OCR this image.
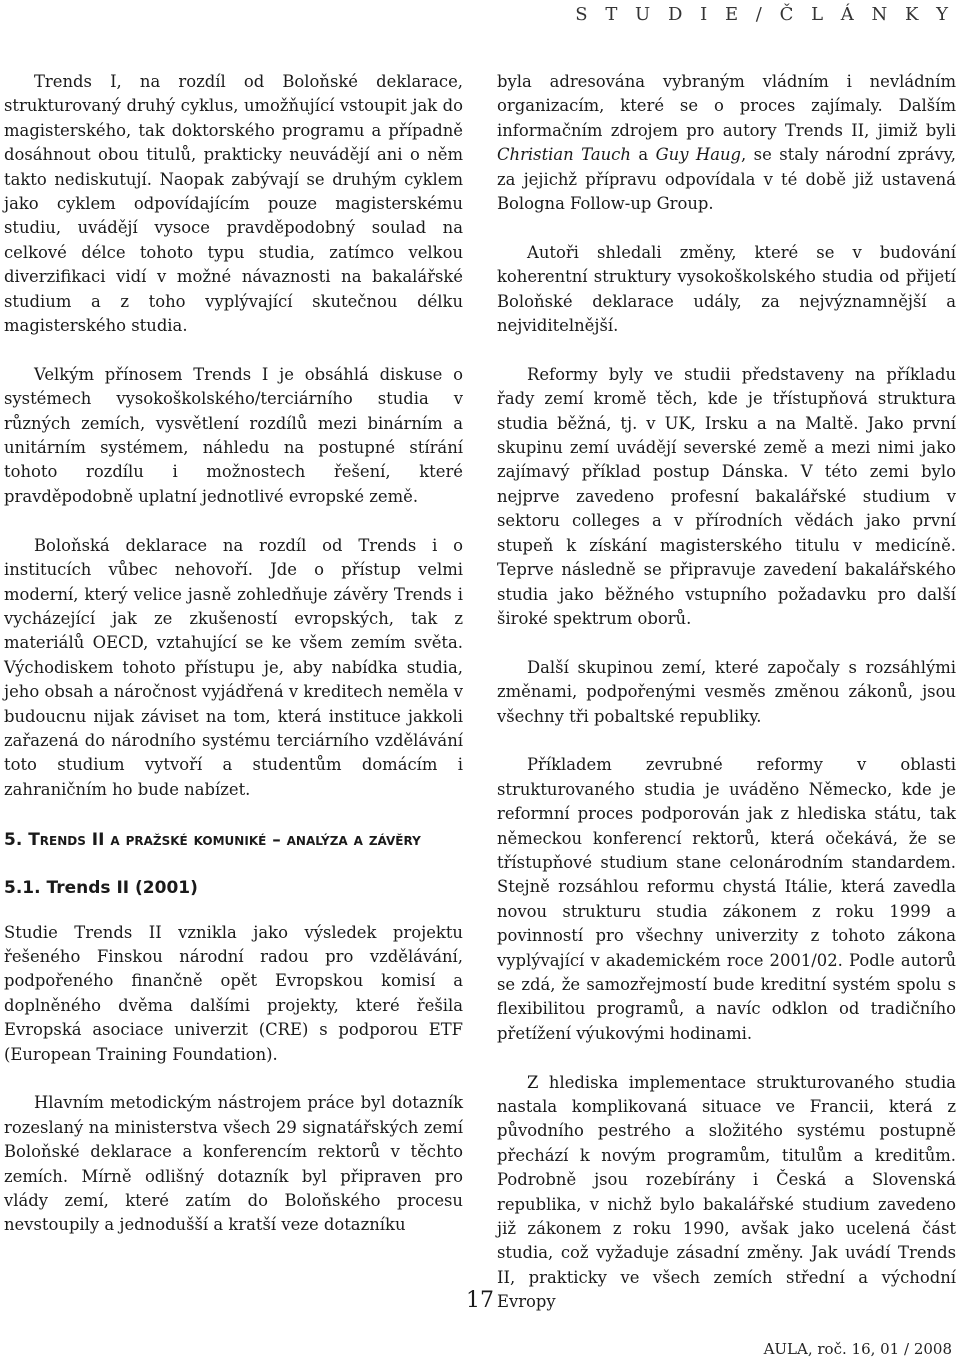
S T U D I E / Č L Á N K Y

Trends I, na rozdíl od Boloňské deklarace, strukturovaný druhý cyklus, umožňující vstoupit jak do magisterského, tak doktorského programu a případně dosáhnout obou titulů, prakticky neuvádějí ani o něm takto nediskutují. Naopak zabývají se druhým cyklem jako cyklem odpovídajícím pouze magisterskému studiu, uvádějí vysoce pravděpodobný soulad na celkové délce tohoto typu studia, zatímco velkou diverzifikaci vidí v možné návaznosti na bakalářské studium a z toho vyplývající skutečnou délku magisterského studia.

Velkým přínosem Trends I je obsáhlá diskuse o systémech vysokoškolského/terciárního studia v různých zemích, vysvětlení rozdílů mezi binárním a unitárním systémem, náhledu na postupné stírání tohoto rozdílu i možnostech řešení, které pravděpodobně uplatní jednotlivé evropské země.

Boloňská deklarace na rozdíl od Trends i o institucích vůbec nehovoří. Jde o přístup velmi moderní, který velice jasně zohledňuje závěry Trends i vycházející jak ze zkušeností evropských, tak z materiálů OECD, vztahující se ke všem zemím světa. Východiskem tohoto přístupu je, aby nabídka studia, jeho obsah a náročnost vyjádřená v kreditech neměla v budoucnu nijak záviset na tom, která instituce jakkoli zařazená do národního systému terciárního vzdělávání toto studium vytvoří a studentům domácím i zahraničním ho bude nabízet.

5. Trends II a pražské komuniké – analýza a závěry
5.1. Trends II (2001)

Studie Trends II vznikla jako výsledek projektu řešeného Finskou národní radou pro vzdělávání, podpořeného finančně opět Evropskou komisí a doplněného dvěma dalšími projekty, které řešila Evropská asociace univerzit (CRE) s podporou ETF (European Training Foundation).

Hlavním metodickým nástrojem práce byl dotazník rozeslaný na ministerstva všech 29 signatářských zemí Boloňské deklarace a konferencím rektorů v těchto zemích. Mírně odlišný dotazník byl připraven pro vlády zemí, které zatím do Boloňského procesu nevstoupily a jednodušší a kratší veze dotazníku

byla adresována vybraným vládním i nevládním organizacím, které se o proces zajímaly. Dalším informačním zdrojem pro autory Trends II, jimiž byli Christian Tauch a Guy Haug, se staly národní zprávy, za jejichž přípravu odpovídala v té době již ustavená Bologna Follow-up Group.

Autoři shledali změny, které se v budování koherentní struktury vysokoškolského studia od přijetí Boloňské deklarace udály, za nejvýznamnější a nejviditelnější.

Reformy byly ve studii představeny na příkladu řady zemí kromě těch, kde je třístupňová struktura studia běžná, tj. v UK, Irsku a na Maltě. Jako první skupinu zemí uvádějí severské země a mezi nimi jako zajímavý příklad postup Dánska. V této zemi bylo nejprve zavedeno profesní bakalářské studium v sektoru colleges a v přírodních vědách jako první stupeň k získání magisterského titulu v medicíně. Teprve následně se připravuje zavedení bakalářského studia jako běžného vstupního požadavku pro další široké spektrum oborů.

Další skupinou zemí, které započaly s rozsáhlými změnami, podpořenými vesměs změnou zákonů, jsou všechny tři pobaltské republiky.

Příkladem zevrubné reformy v oblasti strukturovaného studia je uváděno Německo, kde je reformní proces podporován jak z hlediska státu, tak německou konferencí rektorů, která očekává, že se třístupňové studium stane celonárodním standardem. Stejně rozsáhlou reformu chystá Itálie, která zavedla novou strukturu studia zákonem z roku 1999 a povinností pro všechny univerzity z tohoto zákona vyplývající v akademickém roce 2001/02. Podle autorů se zdá, že samozřejmostí bude kreditní systém spolu s flexibilitou programů, a navíc odklon od tradičního přetížení výukovými hodinami.

Z hlediska implementace strukturovaného studia nastala komplikovaná situace ve Francii, která z původního pestrého a složitého systému postupně přechází k novým programům, titulům a kreditům. Podrobně jsou rozebírány i Česká a Slovenská republika, v nichž bylo bakalářské studium zavedeno již zákonem z roku 1990, avšak jako ucelená část studia, což vyžaduje zásadní změny. Jak uvádí Trends II, prakticky ve všech zemích střední a východní Evropy

17
AULA, roč. 16, 01 / 2008
